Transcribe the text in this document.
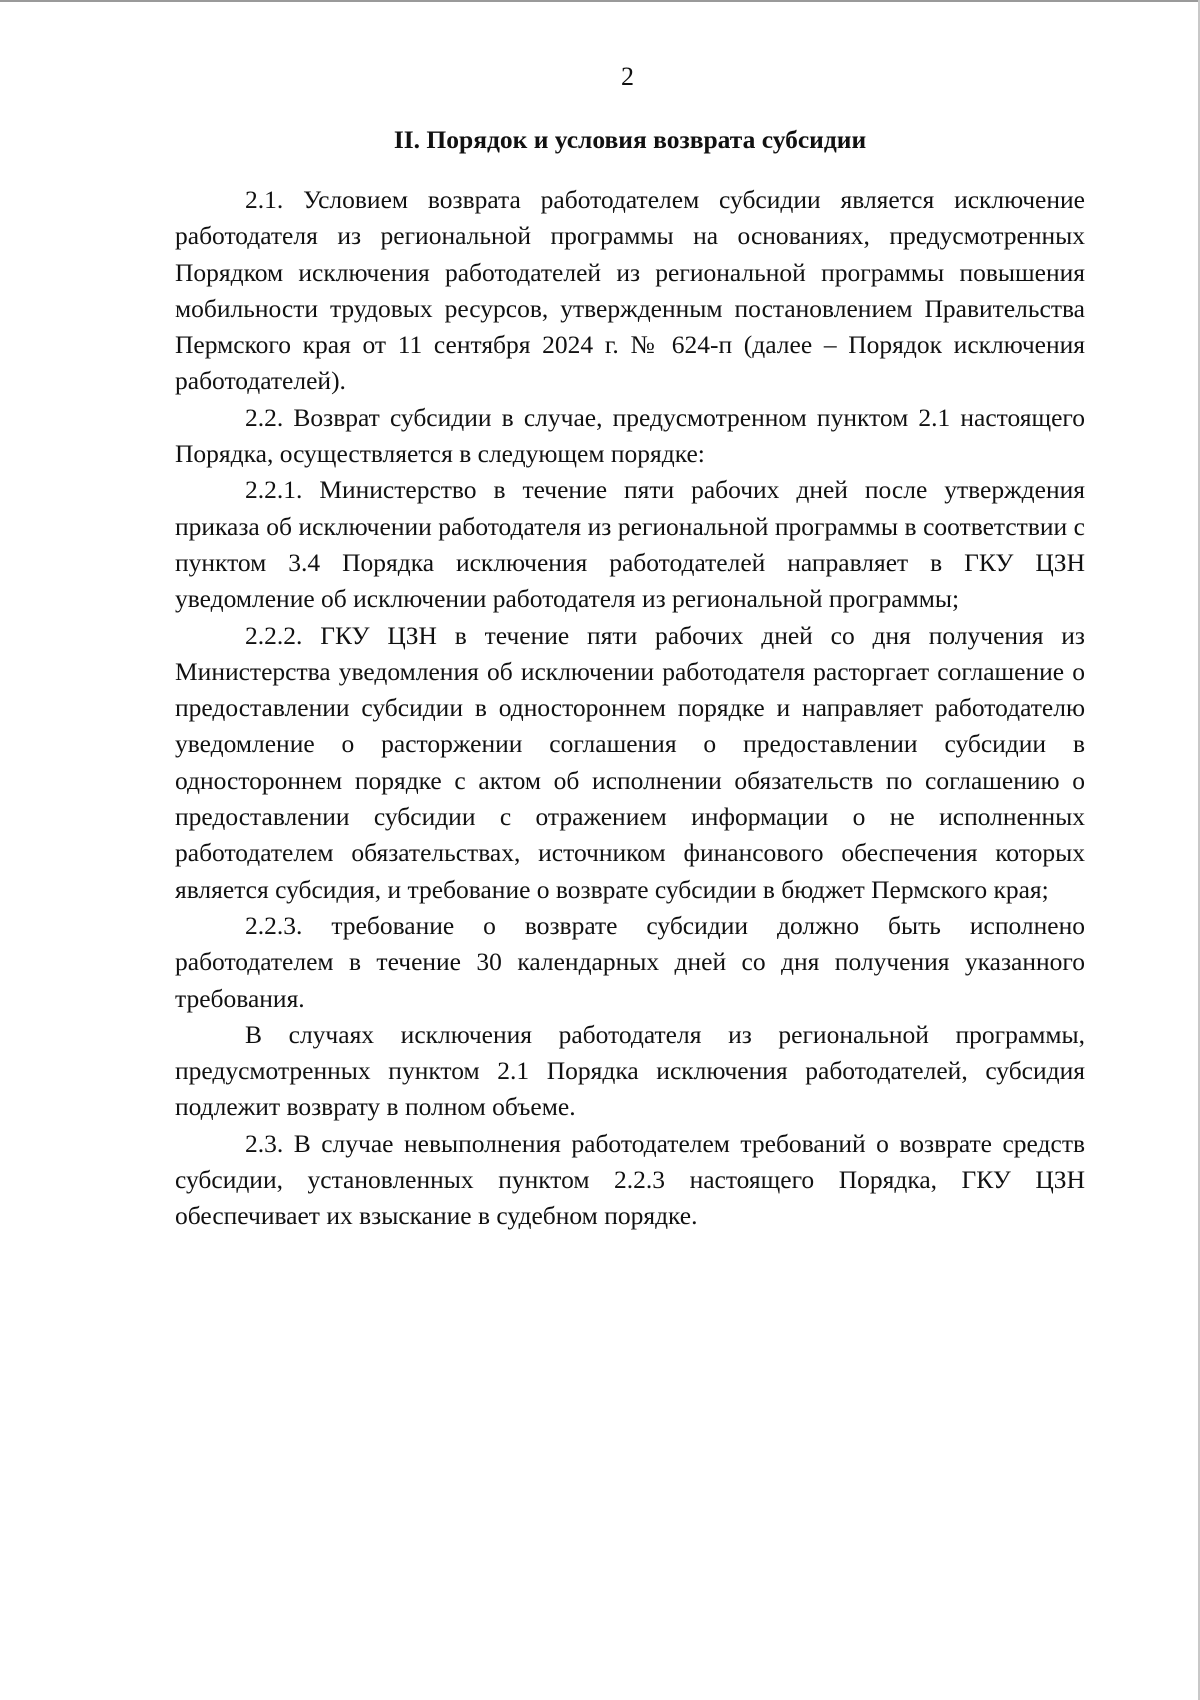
2
II. Порядок и условия возврата субсидии

2.1. Условием возврата работодателем субсидии является исключение работодателя из региональной программы на основаниях, предусмотренных Порядком исключения работодателей из региональной программы повышения мобильности трудовых ресурсов, утвержденным постановлением Правительства Пермского края от 11 сентября 2024 г. № 624-п (далее – Порядок исключения работодателей).

2.2. Возврат субсидии в случае, предусмотренном пунктом 2.1 настоящего Порядка, осуществляется в следующем порядке:

2.2.1. Министерство в течение пяти рабочих дней после утверждения приказа об исключении работодателя из региональной программы в соответствии с пунктом 3.4 Порядка исключения работодателей направляет в ГКУ ЦЗН уведомление об исключении работодателя из региональной программы;

2.2.2. ГКУ ЦЗН в течение пяти рабочих дней со дня получения из Министерства уведомления об исключении работодателя расторгает соглашение о предоставлении субсидии в одностороннем порядке и направляет работодателю уведомление о расторжении соглашения о предоставлении субсидии в одностороннем порядке с актом об исполнении обязательств по соглашению о предоставлении субсидии с отражением информации о не исполненных работодателем обязательствах, источником финансового обеспечения которых является субсидия, и требование о возврате субсидии в бюджет Пермского края;

2.2.3. требование о возврате субсидии должно быть исполнено работодателем в течение 30 календарных дней со дня получения указанного требования.

В случаях исключения работодателя из региональной программы, предусмотренных пунктом 2.1 Порядка исключения работодателей, субсидия подлежит возврату в полном объеме.

2.3. В случае невыполнения работодателем требований о возврате средств субсидии, установленных пунктом 2.2.3 настоящего Порядка, ГКУ ЦЗН обеспечивает их взыскание в судебном порядке.
